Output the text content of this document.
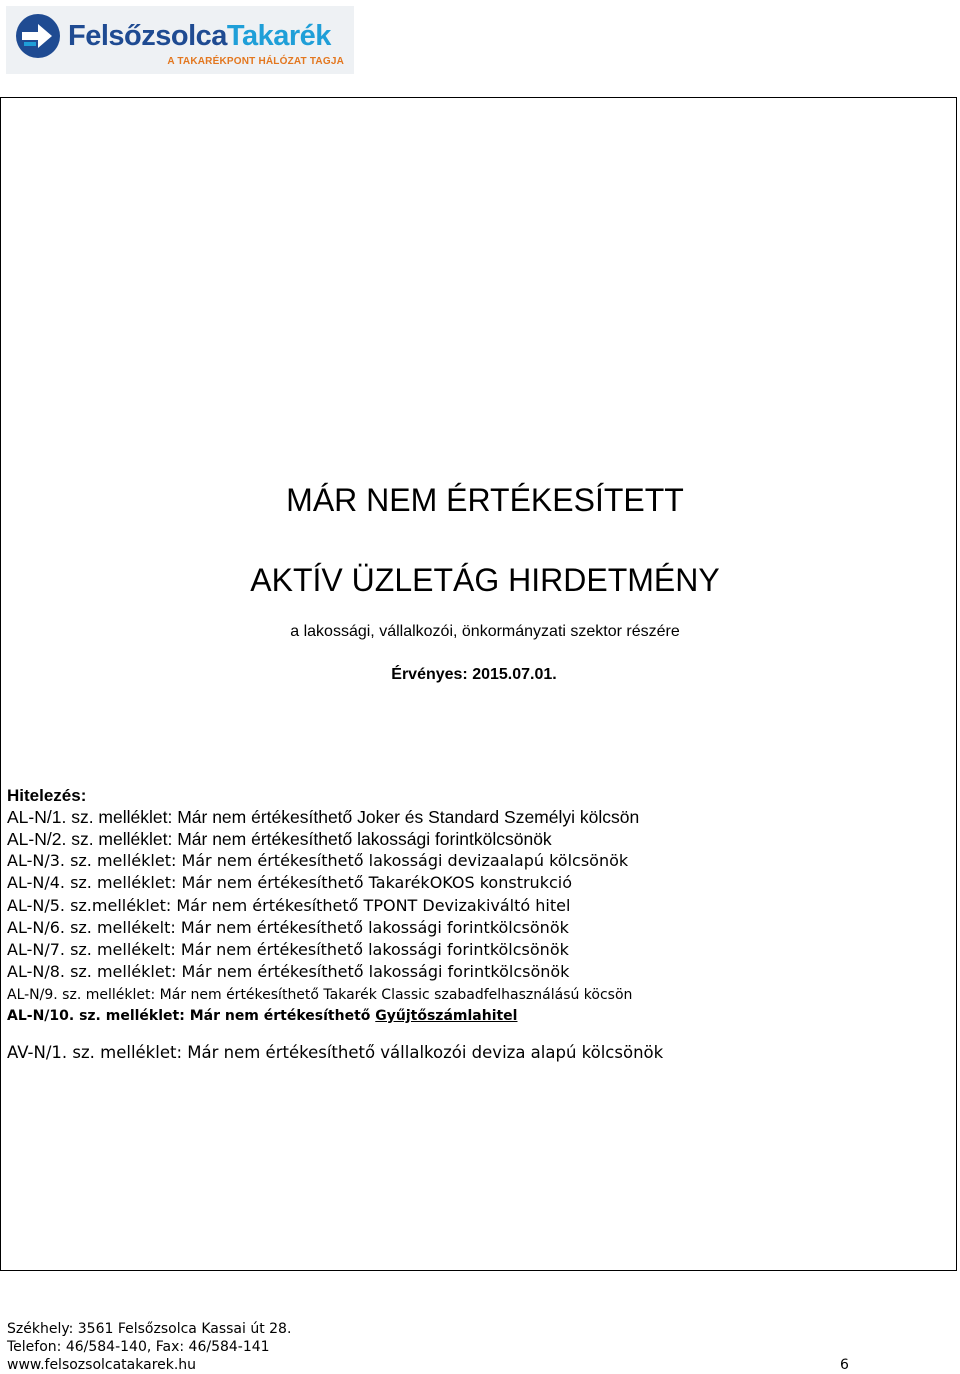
FelsőzsolcaTakarék
A TAKARÉKPONT HÁLÓZAT TAGJA
MÁR NEM ÉRTÉKESÍTETT
AKTÍV ÜZLETÁG HIRDETMÉNY

a lakossági, vállalkozói, önkormányzati szektor részére

Érvényes: 2015.07.01.

Hitelezés:
AL-N/1. sz. melléklet: Már nem értékesíthető Joker és Standard Személyi kölcsön
AL-N/2. sz. melléklet: Már nem értékesíthető lakossági forintkölcsönök
AL-N/3. sz. melléklet: Már nem értékesíthető lakossági devizaalapú kölcsönök
AL-N/4. sz. melléklet: Már nem értékesíthető TakarékOKOS konstrukció
AL-N/5. sz.melléklet: Már nem értékesíthető TPONT Devizakiváltó hitel
AL-N/6. sz. mellékelt: Már nem értékesíthető lakossági forintkölcsönök
AL-N/7. sz. mellékelt: Már nem értékesíthető lakossági forintkölcsönök
AL-N/8. sz. melléklet: Már nem értékesíthető lakossági forintkölcsönök
AL-N/9. sz. melléklet: Már nem értékesíthető Takarék Classic szabadfelhasználású köcsön
AL-N/10. sz. melléklet: Már nem értékesíthető Gyűjtőszámlahitel
AV-N/1. sz. melléklet: Már nem értékesíthető vállalkozói deviza alapú kölcsönök
Székhely: 3561 Felsőzsolca Kassai út 28.
Telefon: 46/584-140, Fax: 46/584-141
www.felsozsolcatakarek.hu	6
